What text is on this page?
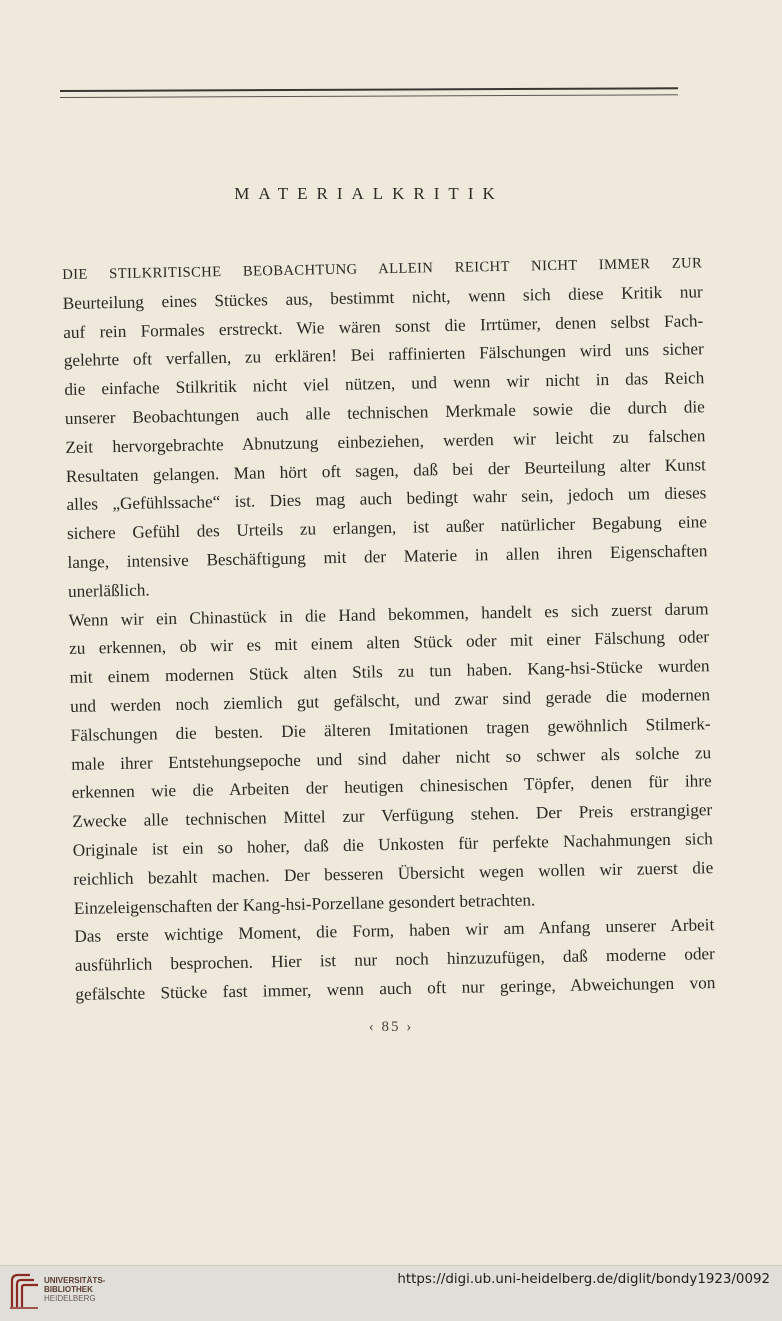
MATERIALKRITIK
DIE STILKRITISCHE BEOBACHTUNG ALLEIN REICHT NICHT IMMER ZUR
Beurteilung eines Stückes aus, bestimmt nicht, wenn sich diese Kritik nur
auf rein Formales erstreckt. Wie wären sonst die Irrtümer, denen selbst Fach-
gelehrte oft verfallen, zu erklären! Bei raffinierten Fälschungen wird uns sicher
die einfache Stilkritik nicht viel nützen, und wenn wir nicht in das Reich
unserer Beobachtungen auch alle technischen Merkmale sowie die durch die
Zeit hervorgebrachte Abnutzung einbeziehen, werden wir leicht zu falschen
Resultaten gelangen. Man hört oft sagen, daß bei der Beurteilung alter Kunst
alles „Gefühlssache“ ist. Dies mag auch bedingt wahr sein, jedoch um dieses
sichere Gefühl des Urteils zu erlangen, ist außer natürlicher Begabung eine
lange, intensive Beschäftigung mit der Materie in allen ihren Eigenschaften
unerläßlich.
Wenn wir ein Chinastück in die Hand bekommen, handelt es sich zuerst darum
zu erkennen, ob wir es mit einem alten Stück oder mit einer Fälschung oder
mit einem modernen Stück alten Stils zu tun haben. Kang-hsi-Stücke wurden
und werden noch ziemlich gut gefälscht, und zwar sind gerade die modernen
Fälschungen die besten. Die älteren Imitationen tragen gewöhnlich Stilmerk-
male ihrer Entstehungsepoche und sind daher nicht so schwer als solche zu
erkennen wie die Arbeiten der heutigen chinesischen Töpfer, denen für ihre
Zwecke alle technischen Mittel zur Verfügung stehen. Der Preis erstrangiger
Originale ist ein so hoher, daß die Unkosten für perfekte Nachahmungen sich
reichlich bezahlt machen. Der besseren Übersicht wegen wollen wir zuerst die
Einzeleigenschaften der Kang-hsi-Porzellane gesondert betrachten.
Das erste wichtige Moment, die Form, haben wir am Anfang unserer Arbeit
ausführlich besprochen. Hier ist nur noch hinzuzufügen, daß moderne oder
gefälschte Stücke fast immer, wenn auch oft nur geringe, Abweichungen von
‹ 85 ›
UNIVERSITÄTS-
BIBLIOTHEK
HEIDELBERG
https://digi.ub.uni-heidelberg.de/diglit/bondy1923/0092
